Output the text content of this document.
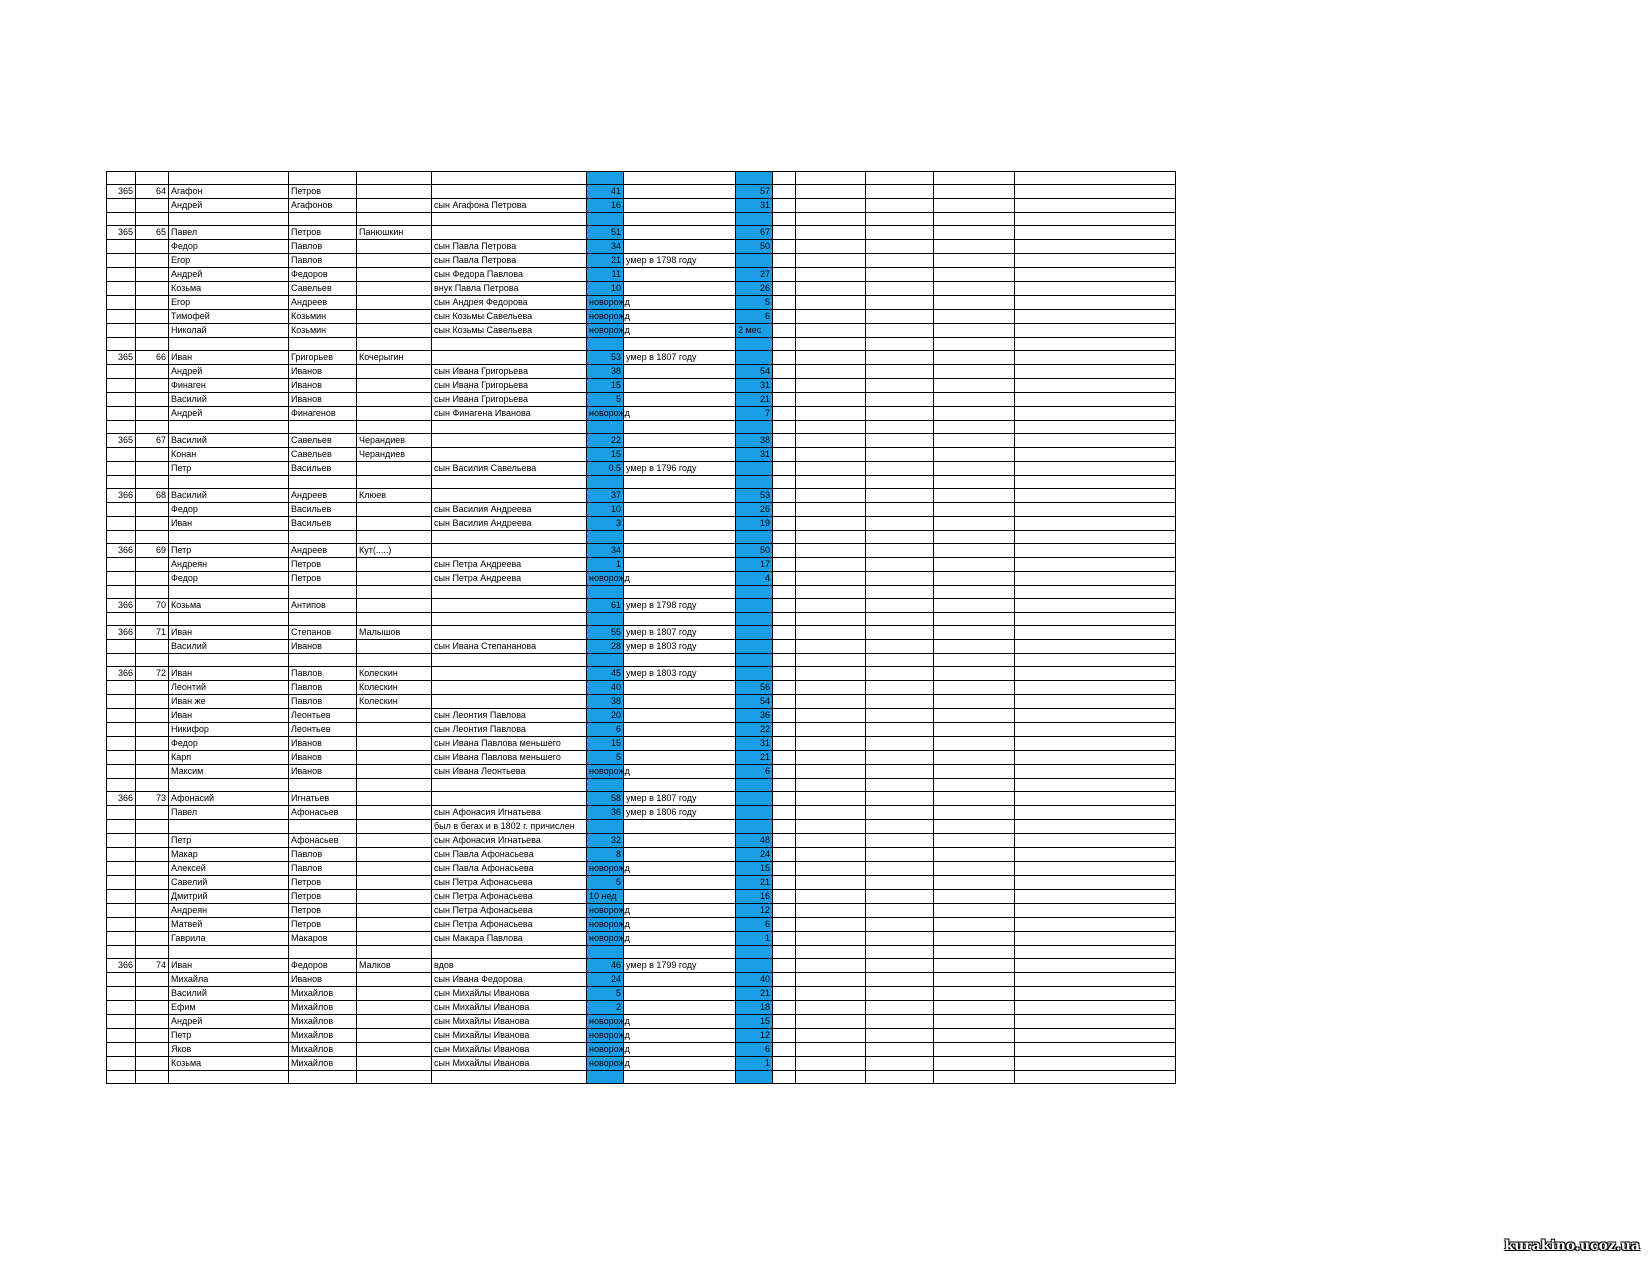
365	64	Агафон	Петров			41		57					
		Андрей	Агафонов		сын Агафона Петрова	16		31					

365	65	Павел	Петров	Панюшкин		51		67					
		Федор	Павлов		сын Павла Петрова	34		50					
		Егор	Павлов		сын Павла Петрова	21	умер в 1798 году						
		Андрей	Федоров		сын Федора Павлова	11		27					
		Козьма	Савельев		внук Павла Петрова	10		26					
		Егор	Андреев		сын Андрея Федорова	новорожд		5					
		Тимофей	Козьмин		сын Козьмы Савельева	новорожд		6					
		Николай	Козьмин		сын Козьмы Савельева	новорожд		2 мес					

365	66	Иван	Григорьев	Кочерыгин		53	умер в 1807 году						
		Андрей	Иванов		сын Ивана Григорьева	38		54					
		Финаген	Иванов		сын Ивана Григорьева	15		31					
		Василий	Иванов		сын Ивана Григорьева	5		21					
		Андрей	Финагенов		сын Финагена Иванова	новорожд		7					

365	67	Василий	Савельев	Черандиев		22		38					
		Конан	Савельев	Черандиев		15		31					
		Петр	Васильев		сын Василия Савельева	0.5	умер в 1796 году						

366	68	Василий	Андреев	Клюев		37		53					
		Федор	Васильев		сын Василия Андреева	10		26					
		Иван	Васильев		сын Василия Андреева	3		19					

366	69	Петр	Андреев	Кут(.....)		34		50					
		Андреян	Петров		сын Петра Андреева	1		17					
		Федор	Петров		сын Петра Андреева	новорожд		4					

366	70	Козьма	Антипов			61	умер в 1798 году						

366	71	Иван	Степанов	Малышов		55	умер в 1807 году						
		Василий	Иванов		сын Ивана Степананова	28	умер в 1803 году						

366	72	Иван	Павлов	Колескин		45	умер в 1803 году						
		Леонтий	Павлов	Колескин		40		56					
		Иван же	Павлов	Колескин		38		54					
		Иван	Леонтьев		сын Леонтия Павлова	20		36					
		Никифор	Леонтьев		сын Леонтия Павлова	6		22					
		Федор	Иванов		сын Ивана Павлова меньшего	15		31					
		Карп	Иванов		сын Ивана Павлова меньшего	5		21					
		Максим	Иванов		сын Ивана Леонтьева	новорожд		6					

366	73	Афонасий	Игнатьев			58	умер в 1807 году						
		Павел	Афонасьев		сын Афонасия Игнатьева	36	умер в 1806 году						
					был в бегах и в 1802 г. причислен								
		Петр	Афонасьев		сын Афонасия Игнатьева	32		48					
		Макар	Павлов		сын Павла Афонасьева	8		24					
		Алексей	Павлов		сын Павла Афонасьева	новорожд		15					
		Савелий	Петров		сын Петра Афонасьева	5		21					
		Дмитрий	Петров		сын Петра Афонасьева	10 нед		16					
		Андреян	Петров		сын Петра Афонасьева	новорожд		12					
		Матвей	Петров		сын Петра Афонасьева	новорожд		6					
		Гаврила	Макаров		сын Макара Павлова	новорожд		1					

366	74	Иван	Федоров	Малков	вдов	46	умер в 1799 году						
		Михайла	Иванов		сын Ивана Федорова	24		40					
		Василий	Михайлов		сын Михайлы Иванова	5		21					
		Ефим	Михайлов		сын Михайлы Иванова	2		18					
		Андрей	Михайлов		сын Михайлы Иванова	новорожд		15					
		Петр	Михайлов		сын Михайлы Иванова	новорожд		12					
		Яков	Михайлов		сын Михайлы Иванова	новорожд		6					
		Козьма	Михайлов		сын Михайлы Иванова	новорожд		1					

kurakino.ucoz.ua
